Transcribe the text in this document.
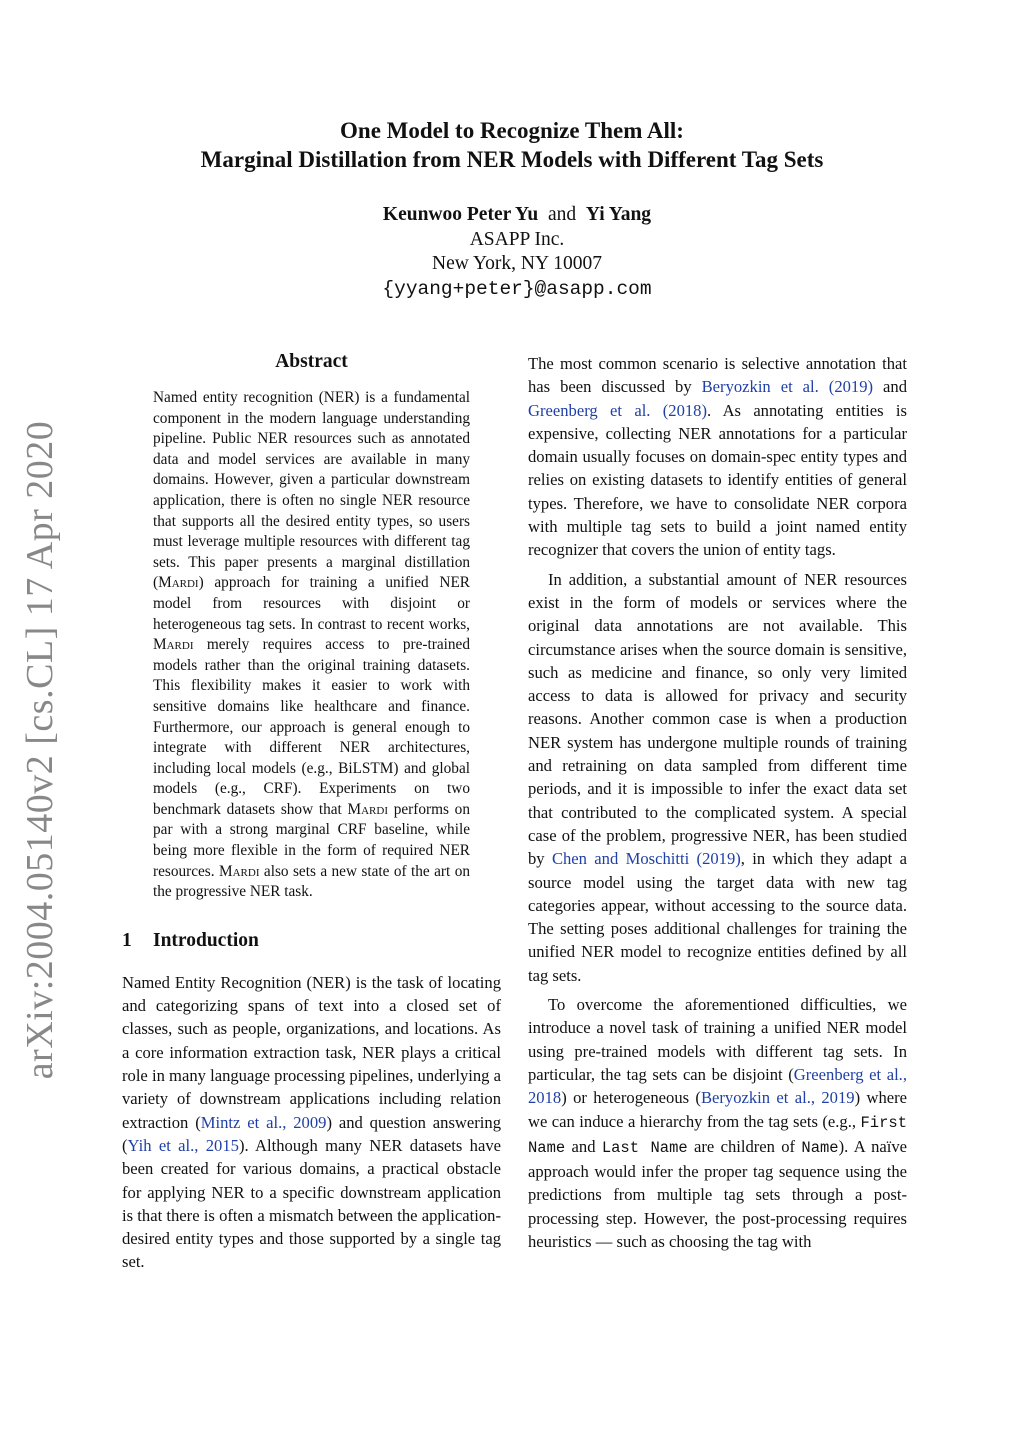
arXiv:2004.05140v2 [cs.CL] 17 Apr 2020

One Model to Recognize Them All:

Marginal Distillation from NER Models with Different Tag Sets

Keunwoo Peter Yu and Yi Yang
ASAPP Inc.
New York, NY 10007
{yyang+peter}@asapp.com

Abstract

Named entity recognition (NER) is a fundamental component in the modern language understanding pipeline. Public NER resources such as annotated data and model services are available in many domains. However, given a particular downstream application, there is often no single NER resource that supports all the desired entity types, so users must leverage multiple resources with different tag sets. This paper presents a marginal distillation (Mardi) approach for training a unified NER model from resources with disjoint or heterogeneous tag sets. In contrast to recent works, Mardi merely requires access to pre-trained models rather than the original training datasets. This flexibility makes it easier to work with sensitive domains like healthcare and finance. Furthermore, our approach is general enough to integrate with different NER architectures, including local models (e.g., BiLSTM) and global models (e.g., CRF). Experiments on two benchmark datasets show that Mardi performs on par with a strong marginal CRF baseline, while being more flexible in the form of required NER resources. Mardi also sets a new state of the art on the progressive NER task.

1 Introduction

Named Entity Recognition (NER) is the task of locating and categorizing spans of text into a closed set of classes, such as people, organizations, and locations. As a core information extraction task, NER plays a critical role in many language processing pipelines, underlying a variety of downstream applications including relation extraction (Mintz et al., 2009) and question answering (Yih et al., 2015). Although many NER datasets have been created for various domains, a practical obstacle for applying NER to a specific downstream application is that there is often a mismatch between the application-desired entity types and those supported by a single tag set.

The most common scenario is selective annotation that has been discussed by Beryozkin et al. (2019) and Greenberg et al. (2018). As annotating entities is expensive, collecting NER annotations for a particular domain usually focuses on domain-spec entity types and relies on existing datasets to identify entities of general types. Therefore, we have to consolidate NER corpora with multiple tag sets to build a joint named entity recognizer that covers the union of entity tags.

In addition, a substantial amount of NER resources exist in the form of models or services where the original data annotations are not available. This circumstance arises when the source domain is sensitive, such as medicine and finance, so only very limited access to data is allowed for privacy and security reasons. Another common case is when a production NER system has undergone multiple rounds of training and retraining on data sampled from different time periods, and it is impossible to infer the exact data set that contributed to the complicated system. A special case of the problem, progressive NER, has been studied by Chen and Moschitti (2019), in which they adapt a source model using the target data with new tag categories appear, without accessing to the source data. The setting poses additional challenges for training the unified NER model to recognize entities defined by all tag sets.

To overcome the aforementioned difficulties, we introduce a novel task of training a unified NER model using pre-trained models with different tag sets. In particular, the tag sets can be disjoint (Greenberg et al., 2018) or heterogeneous (Beryozkin et al., 2019) where we can induce a hierarchy from the tag sets (e.g., First Name and Last Name are children of Name). A naïve approach would infer the proper tag sequence using the predictions from multiple tag sets through a post-processing step. However, the post-processing requires heuristics — such as choosing the tag with
